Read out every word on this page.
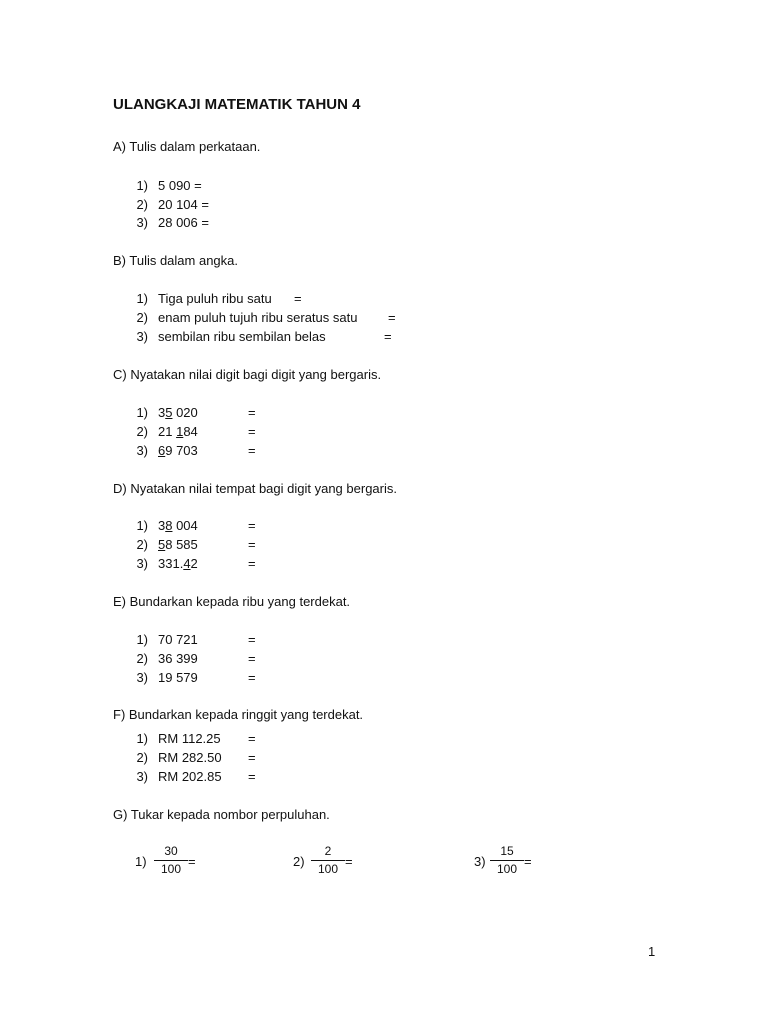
ULANGKAJI MATEMATIK TAHUN 4
A) Tulis dalam perkataan.
1) 5 090 =
2) 20 104 =
3) 28 006 =
B) Tulis dalam angka.
1) Tiga puluh ribu satu =
2) enam puluh tujuh ribu seratus satu =
3) sembilan ribu sembilan belas	=
C) Nyatakan nilai digit bagi digit yang bergaris.
1) 35 020	=
2) 21 184	=
3) 69 703	=
D) Nyatakan nilai tempat bagi digit yang bergaris.
1) 38 004	=
2) 58 585	=
3) 331.42	=
E) Bundarkan kepada ribu yang terdekat.
1) 70 721	=
2) 36 399	=
3) 19 579	=
F) Bundarkan kepada ringgit yang terdekat.
1) RM 112.25 =
2) RM 282.50 =
3) RM 202.85 =
G) Tukar kepada nombor perpuluhan.
$1) \frac{30}{100}$ =	$2) \frac{2}{100}$ =	$3) \frac{15}{100}$ =
1
